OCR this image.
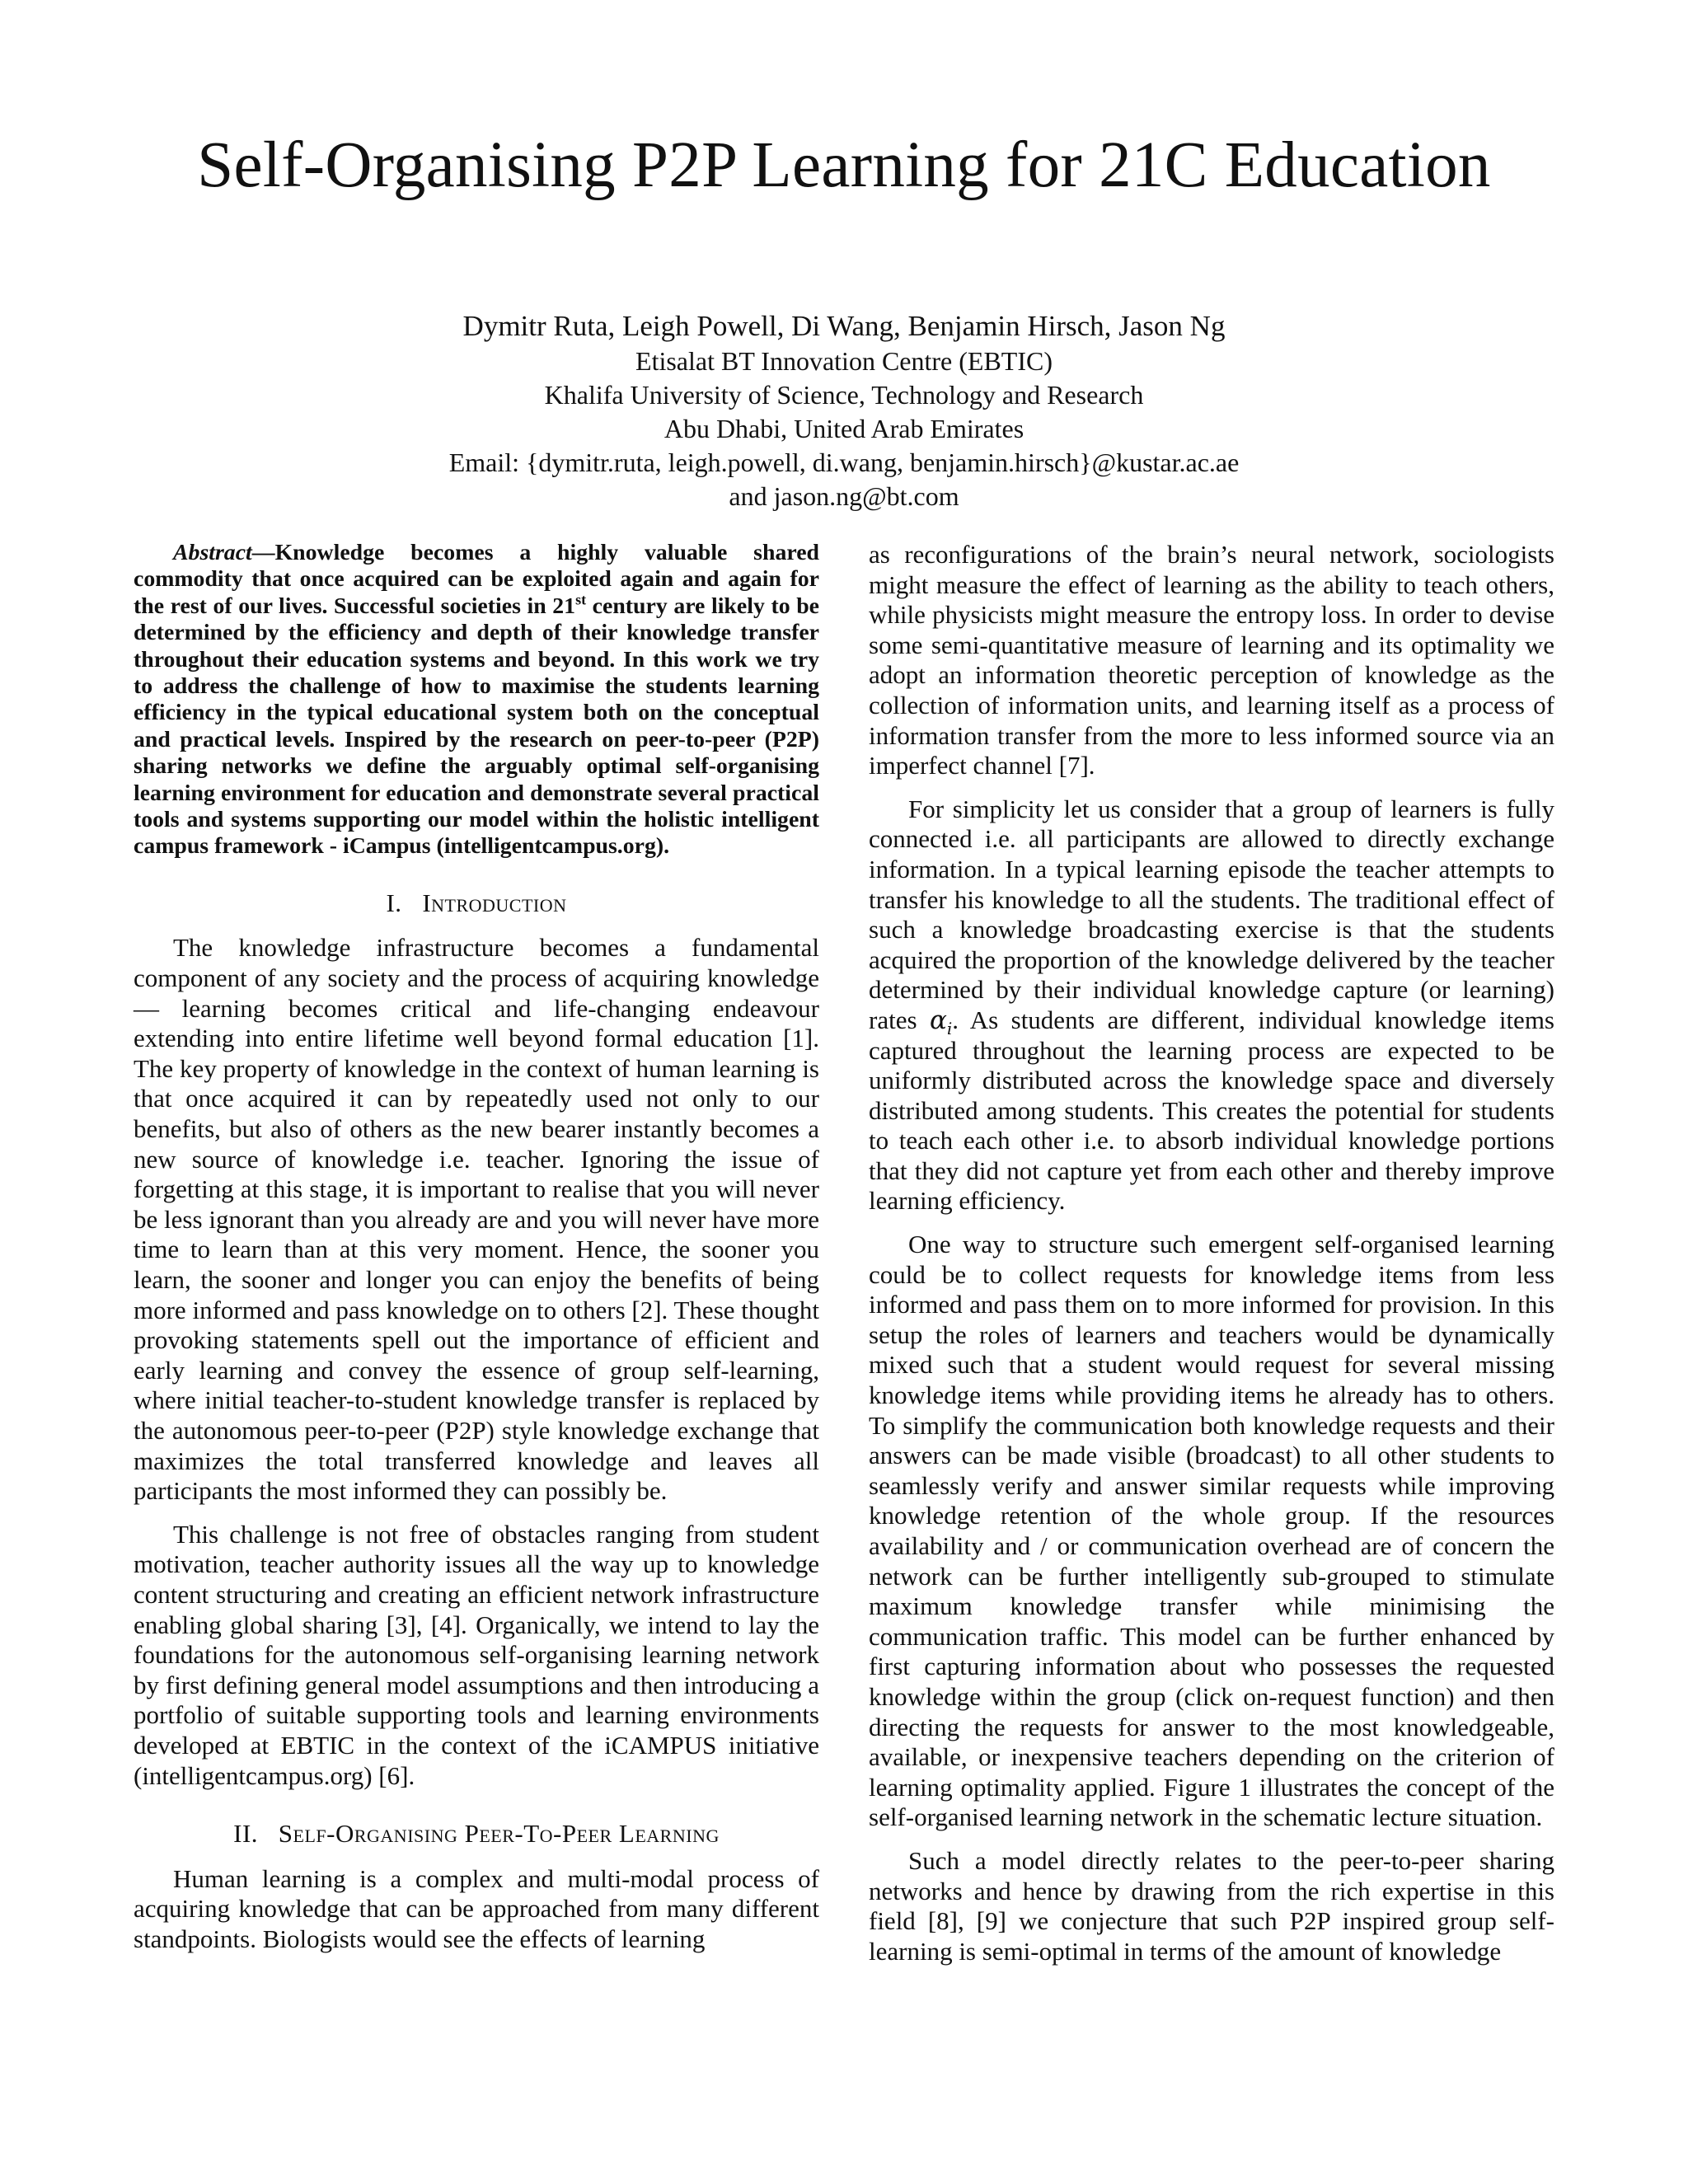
Self-Organising P2P Learning for 21C Education
Dymitr Ruta, Leigh Powell, Di Wang, Benjamin Hirsch, Jason Ng
Etisalat BT Innovation Centre (EBTIC)
Khalifa University of Science, Technology and Research
Abu Dhabi, United Arab Emirates
Email: {dymitr.ruta, leigh.powell, di.wang, benjamin.hirsch}@kustar.ac.ae
and jason.ng@bt.com

Abstract—Knowledge becomes a highly valuable shared commodity that once acquired can be exploited again and again for the rest of our lives. Successful societies in 21st century are likely to be determined by the efficiency and depth of their knowledge transfer throughout their education systems and beyond. In this work we try to address the challenge of how to maximise the students learning efficiency in the typical educational system both on the conceptual and practical levels. Inspired by the research on peer-to-peer (P2P) sharing networks we define the arguably optimal self-organising learning environment for education and demonstrate several practical tools and systems supporting our model within the holistic intelligent campus framework - iCampus (intelligentcampus.org).

I. Introduction

The knowledge infrastructure becomes a fundamental component of any society and the process of acquiring knowledge — learning becomes critical and life-changing endeavour extending into entire lifetime well beyond formal education [1]. The key property of knowledge in the context of human learning is that once acquired it can by repeatedly used not only to our benefits, but also of others as the new bearer instantly becomes a new source of knowledge i.e. teacher. Ignoring the issue of forgetting at this stage, it is important to realise that you will never be less ignorant than you already are and you will never have more time to learn than at this very moment. Hence, the sooner you learn, the sooner and longer you can enjoy the benefits of being more informed and pass knowledge on to others [2]. These thought provoking statements spell out the importance of efficient and early learning and convey the essence of group self-learning, where initial teacher-to-student knowledge transfer is replaced by the autonomous peer-to-peer (P2P) style knowledge exchange that maximizes the total transferred knowledge and leaves all participants the most informed they can possibly be.

This challenge is not free of obstacles ranging from student motivation, teacher authority issues all the way up to knowledge content structuring and creating an efficient network infrastructure enabling global sharing [3], [4]. Organically, we intend to lay the foundations for the autonomous self-organising learning network by first defining general model assumptions and then introducing a portfolio of suitable supporting tools and learning environments developed at EBTIC in the context of the iCAMPUS initiative (intelligentcampus.org) [6].

II. Self-Organising Peer-To-Peer Learning

Human learning is a complex and multi-modal process of acquiring knowledge that can be approached from many different standpoints. Biologists would see the effects of learning

as reconfigurations of the brain’s neural network, sociologists might measure the effect of learning as the ability to teach others, while physicists might measure the entropy loss. In order to devise some semi-quantitative measure of learning and its optimality we adopt an information theoretic perception of knowledge as the collection of information units, and learning itself as a process of information transfer from the more to less informed source via an imperfect channel [7].

For simplicity let us consider that a group of learners is fully connected i.e. all participants are allowed to directly exchange information. In a typical learning episode the teacher attempts to transfer his knowledge to all the students. The traditional effect of such a knowledge broadcasting exercise is that the students acquired the proportion of the knowledge delivered by the teacher determined by their individual knowledge capture (or learning) rates $\alpha_i$. As students are different, individual knowledge items captured throughout the learning process are expected to be uniformly distributed across the knowledge space and diversely distributed among students. This creates the potential for students to teach each other i.e. to absorb individual knowledge portions that they did not capture yet from each other and thereby improve learning efficiency.

One way to structure such emergent self-organised learning could be to collect requests for knowledge items from less informed and pass them on to more informed for provision. In this setup the roles of learners and teachers would be dynamically mixed such that a student would request for several missing knowledge items while providing items he already has to others. To simplify the communication both knowledge requests and their answers can be made visible (broadcast) to all other students to seamlessly verify and answer similar requests while improving knowledge retention of the whole group. If the resources availability and / or communication overhead are of concern the network can be further intelligently sub-grouped to stimulate maximum knowledge transfer while minimising the communication traffic. This model can be further enhanced by first capturing information about who possesses the requested knowledge within the group (click on-request function) and then directing the requests for answer to the most knowledgeable, available, or inexpensive teachers depending on the criterion of learning optimality applied. Figure 1 illustrates the concept of the self-organised learning network in the schematic lecture situation.

Such a model directly relates to the peer-to-peer sharing networks and hence by drawing from the rich expertise in this field [8], [9] we conjecture that such P2P inspired group self-learning is semi-optimal in terms of the amount of knowledge
